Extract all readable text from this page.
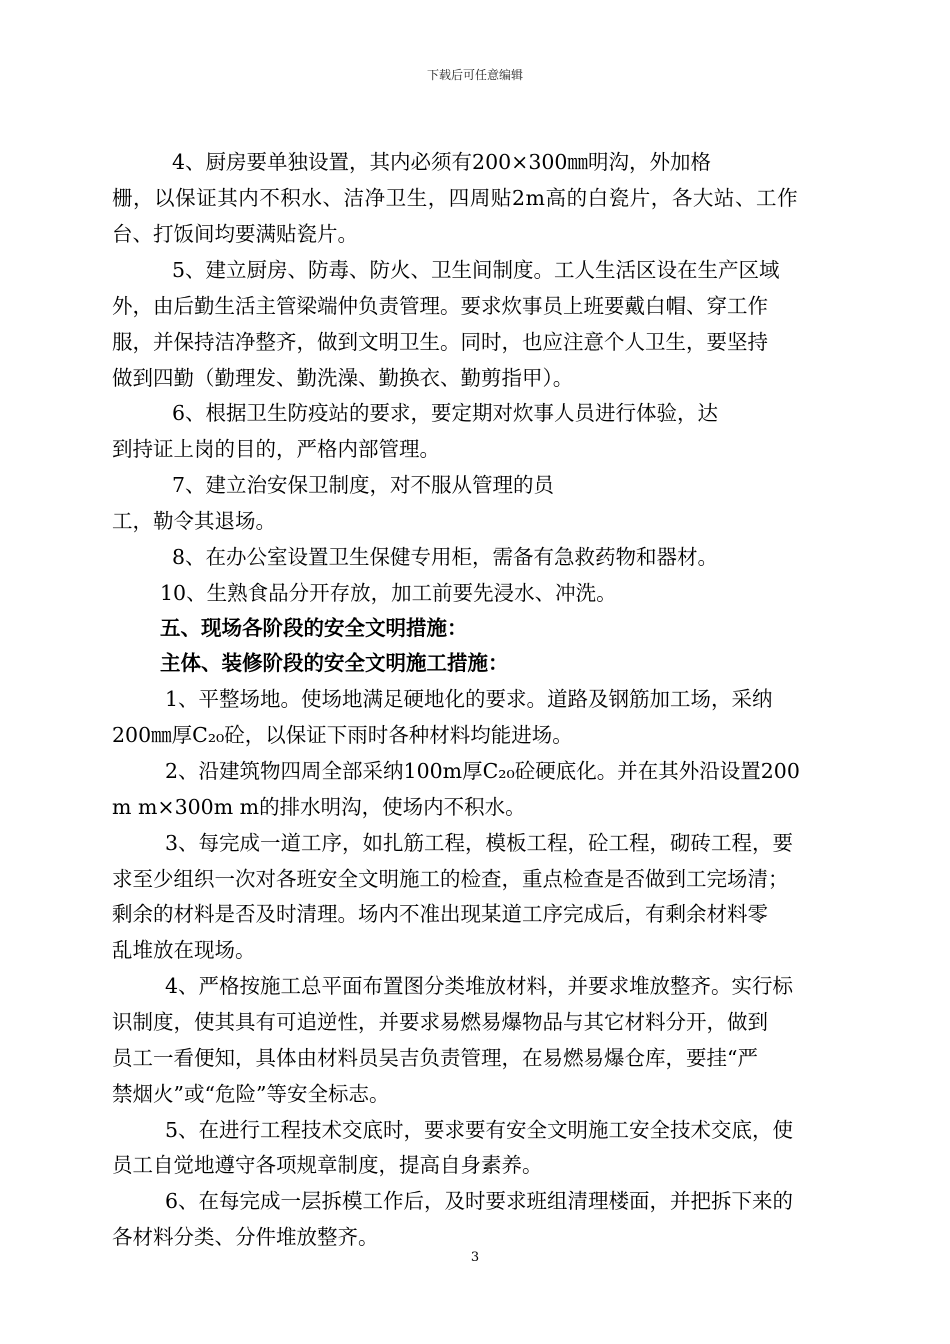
下载后可任意编辑
4、厨房要单独设置，其内必须有200×300㎜明沟，外加格
栅，以保证其内不积水、洁净卫生，四周贴2m高的白瓷片，各大站、工作
台、打饭间均要满贴瓷片。
5、建立厨房、防毒、防火、卫生间制度。工人生活区设在生产区域
外，由后勤生活主管梁端仲负责管理。要求炊事员上班要戴白帽、穿工作
服，并保持洁净整齐，做到文明卫生。同时，也应注意个人卫生，要坚持
做到四勤（勤理发、勤洗澡、勤换衣、勤剪指甲）。
6、根据卫生防疫站的要求，要定期对炊事人员进行体验，达
到持证上岗的目的，严格内部管理。
7、建立治安保卫制度，对不服从管理的员
工，勒令其退场。
8、在办公室设置卫生保健专用柜，需备有急救药物和器材。
10、生熟食品分开存放，加工前要先浸水、冲洗。
五、现场各阶段的安全文明措施：
主体、装修阶段的安全文明施工措施：
1、平整场地。使场地满足硬地化的要求。道路及钢筋加工场，采纳
200㎜厚C₂₀砼，以保证下雨时各种材料均能进场。
2、沿建筑物四周全部采纳100m厚C₂₀砼硬底化。并在其外沿设置200
m m×300m m的排水明沟，使场内不积水。
3、每完成一道工序，如扎筋工程，模板工程，砼工程，砌砖工程，要
求至少组织一次对各班安全文明施工的检查，重点检查是否做到工完场清；
剩余的材料是否及时清理。场内不准出现某道工序完成后，有剩余材料零
乱堆放在现场。
4、严格按施工总平面布置图分类堆放材料，并要求堆放整齐。实行标
识制度，使其具有可追逆性，并要求易燃易爆物品与其它材料分开，做到
员工一看便知，具体由材料员吴吉负责管理，在易燃易爆仓库，要挂“严
禁烟火”或“危险”等安全标志。
5、在进行工程技术交底时，要求要有安全文明施工安全技术交底，使
员工自觉地遵守各项规章制度，提高自身素养。
6、在每完成一层拆模工作后，及时要求班组清理楼面，并把拆下来的
各材料分类、分件堆放整齐。
3
